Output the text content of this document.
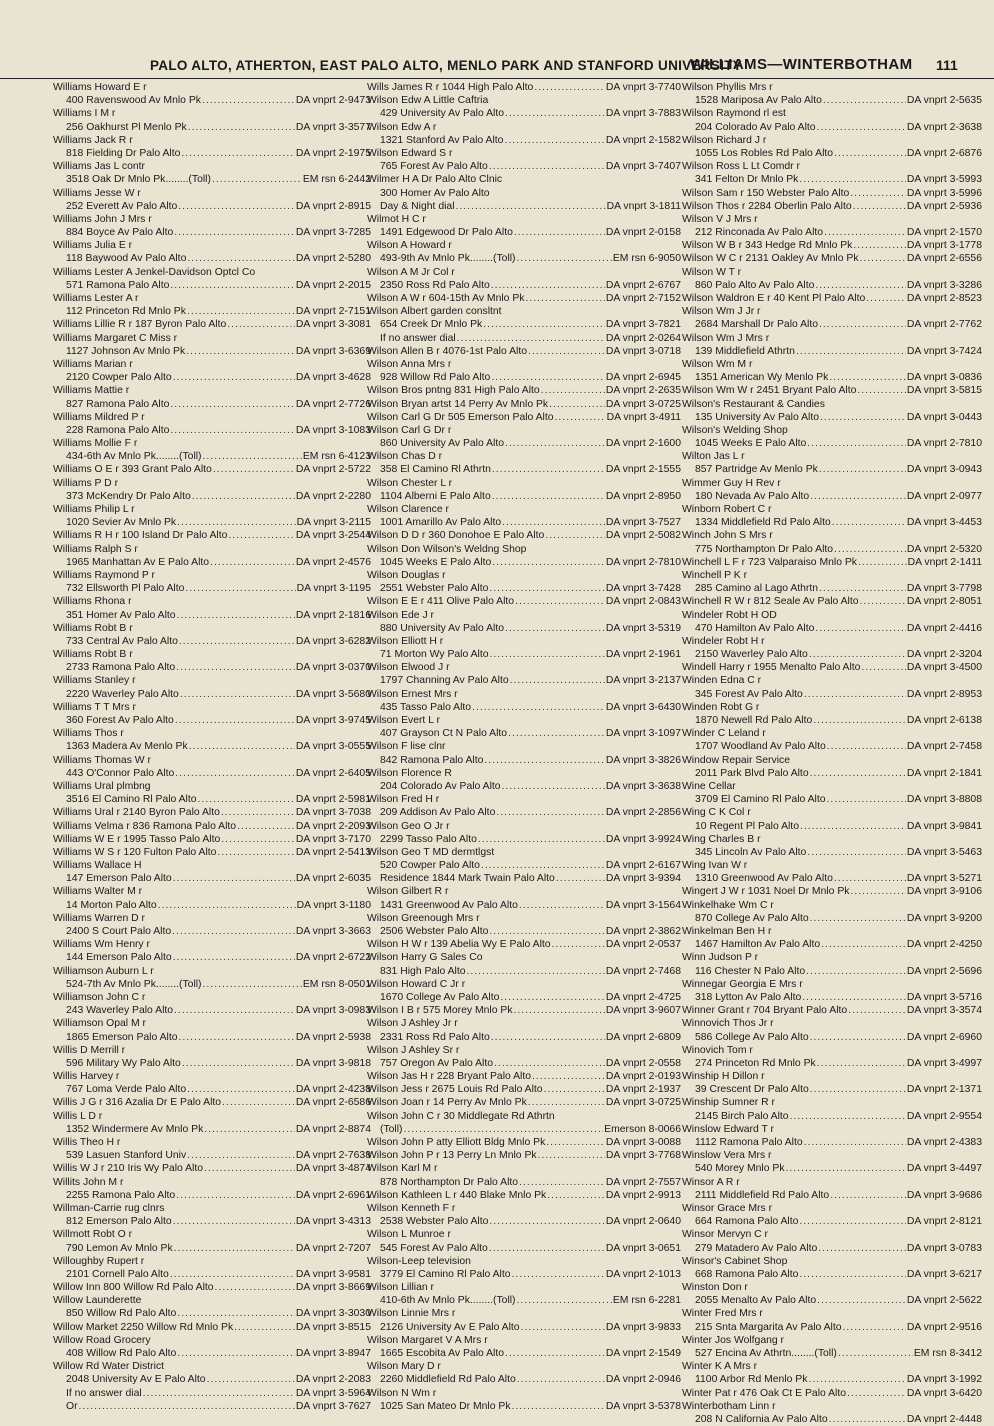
PALO ALTO, ATHERTON, EAST PALO ALTO, MENLO PARK AND STANFORD UNIVERSITY
WILLIAMS—WINTERBOTHAM 111
Williams Howard E r
400 Ravenswood Av Mnlo Pk .....	DA vnprt 2-9473
Williams I M r
256 Oakhurst Pl Menlo Pk .....	DA vnprt 3-3577
Williams Jack R r
818 Fielding Dr Palo Alto .....	DA vnprt 2-1975
Williams Jas L contr
3518 Oak Dr Mnlo Pk........(Toll) .....	EM rsn 6-2442
Williams Jesse W r
252 Everett Av Palo Alto .....	DA vnprt 2-8915
Williams John J Mrs r
884 Boyce Av Palo Alto .....	DA vnprt 3-7285
Williams Julia E r
118 Baywood Av Palo Alto .....	DA vnprt 2-5280
Williams Lester A Jenkel-Davidson Optcl Co
571 Ramona Palo Alto .....	DA vnprt 2-2015
Williams Lester A r
112 Princeton Rd Mnlo Pk .....	DA vnprt 2-7151
Williams Lillie R r 187 Byron Palo Alto .....	DA vnprt 3-3081
Williams Margaret C Miss r
1127 Johnson Av Mnlo Pk .....	DA vnprt 3-6369
Williams Marian r
2120 Cowper Palo Alto .....	DA vnprt 3-4628
Williams Mattie r
827 Ramona Palo Alto .....	DA vnprt 2-7726
Williams Mildred P r
228 Ramona Palo Alto .....	DA vnprt 3-1083
Williams Mollie F r
434-6th Av Mnlo Pk........(Toll) .....	EM rsn 6-4123
Williams O E r 393 Grant Palo Alto .....	DA vnprt 2-5722
Williams P D r
373 McKendry Dr Palo Alto .....	DA vnprt 2-2280
Williams Philip L r
1020 Sevier Av Mnlo Pk .....	DA vnprt 3-2115
Williams R H r 100 Island Dr Palo Alto .....	DA vnprt 3-2544
Williams Ralph S r
1965 Manhattan Av E Palo Alto .....	DA vnprt 2-4576
Williams Raymond P r
732 Ellsworth Pl Palo Alto .....	DA vnprt 3-1195
Williams Rhona r
351 Homer Av Palo Alto .....	DA vnprt 2-1816
Williams Robt B r
733 Central Av Palo Alto .....	DA vnprt 3-6282
Williams Robt B r
2733 Ramona Palo Alto .....	DA vnprt 3-0370
Williams Stanley r
2220 Waverley Palo Alto .....	DA vnprt 3-5680
Williams T T Mrs r
360 Forest Av Palo Alto .....	DA vnprt 3-9745
Williams Thos r
1363 Madera Av Menlo Pk .....	DA vnprt 3-0555
Williams Thomas W r
443 O'Connor Palo Alto .....	DA vnprt 2-6405
Williams Ural plmbng
3516 El Camino Rl Palo Alto .....	DA vnprt 2-5981
Williams Ural r 2140 Byron Palo Alto .....	DA vnprt 3-7038
Williams Velma r 836 Ramona Palo Alto .....	DA vnprt 2-2093
Williams W E r 1995 Tasso Palo Alto .....	DA vnprt 3-7170
Williams W S r 120 Fulton Palo Alto .....	DA vnprt 2-5413
Williams Wallace H
147 Emerson Palo Alto .....	DA vnprt 2-6035
Williams Walter M r
14 Morton Palo Alto .....	DA vnprt 3-1180
Williams Warren D r
2400 S Court Palo Alto .....	DA vnprt 3-3663
Williams Wm Henry r
144 Emerson Palo Alto .....	DA vnprt 2-6722
Williamson Auburn L r
524-7th Av Mnlo Pk........(Toll) .....	EM rsn 8-0501
Williamson John C r
243 Waverley Palo Alto .....	DA vnprt 3-0983
Williamson Opal M r
1865 Emerson Palo Alto .....	DA vnprt 2-5938
Willis D Merrill r
596 Military Wy Palo Alto .....	DA vnprt 3-9818
Willis Harvey r
767 Loma Verde Palo Alto .....	DA vnprt 2-4238
Willis J G r 316 Azalia Dr E Palo Alto .....	DA vnprt 2-6586
Willis L D r
1352 Windermere Av Mnlo Pk .....	DA vnprt 2-8874
Willis Theo H r
539 Lasuen Stanford Univ .....	DA vnprt 2-7638
Willis W J r 210 Iris Wy Palo Alto .....	DA vnprt 3-4874
Willits John M r
2255 Ramona Palo Alto .....	DA vnprt 2-6961
Willman-Carrie rug clnrs
812 Emerson Palo Alto .....	DA vnprt 3-4313
Willmott Robt O r
790 Lemon Av Mnlo Pk .....	DA vnprt 2-7207
Willoughby Rupert r
2101 Cornell Palo Alto .....	DA vnprt 3-9581
Willow Inn 800 Willow Rd Palo Alto .....	DA vnprt 3-8669
Willow Launderette
850 Willow Rd Palo Alto .....	DA vnprt 3-3030
Willow Market 2250 Willow Rd Mnlo Pk .....	DA vnprt 3-8515
Willow Road Grocery
408 Willow Rd Palo Alto .....	DA vnprt 3-8947
Willow Rd Water District
2048 University Av E Palo Alto .....	DA vnprt 2-2083
If no answer dial .....	DA vnprt 3-5964
Or .....	DA vnprt 3-7627
Wills James R r 1044 High Palo Alto .....	DA vnprt 3-7740
Wilson Edw A Little Caftria
429 University Av Palo Alto .....	DA vnprt 3-7883
Wilson Edw A r
1321 Stanford Av Palo Alto .....	DA vnprt 2-1582
Wilson Edward S r
765 Forest Av Palo Alto .....	DA vnprt 3-7407
Wilmer H A Dr Palo Alto Clnic
300 Homer Av Palo Alto
Day & Night dial .....	DA vnprt 3-1811
Wilmot H C r
1491 Edgewood Dr Palo Alto .....	DA vnprt 2-0158
Wilson A Howard r
493-9th Av Mnlo Pk........(Toll) .....	EM rsn 6-9050
Wilson A M Jr Col r
2350 Ross Rd Palo Alto .....	DA vnprt 2-6767
Wilson A W r 604-15th Av Mnlo Pk .....	DA vnprt 2-7152
Wilson Albert garden consltnt
654 Creek Dr Mnlo Pk .....	DA vnprt 3-7821
If no answer dial .....	DA vnprt 2-0264
Wilson Allen B r 4076-1st Palo Alto .....	DA vnprt 3-0718
Wilson Anna Mrs r
928 Willow Rd Palo Alto .....	DA vnprt 2-6945
Wilson Bros pntng 831 High Palo Alto .....	DA vnprt 2-2635
Wilson Bryan artst 14 Perry Av Mnlo Pk .....	DA vnprt 3-0725
Wilson Carl G Dr 505 Emerson Palo Alto .....	DA vnprt 3-4911
Wilson Carl G Dr r
860 University Av Palo Alto .....	DA vnprt 2-1600
Wilson Chas D r
358 El Camino Rl Athrtn .....	DA vnprt 2-1555
Wilson Chester L r
1104 Alberni E Palo Alto .....	DA vnprt 2-8950
Wilson Clarence r
1001 Amarillo Av Palo Alto .....	DA vnprt 3-7527
Wilson D D r 360 Donohoe E Palo Alto .....	DA vnprt 2-5082
Wilson Don Wilson's Weldng Shop
1045 Weeks E Palo Alto .....	DA vnprt 2-7810
Wilson Douglas r
2551 Webster Palo Alto .....	DA vnprt 3-7428
Wilson E E r 411 Olive Palo Alto .....	DA vnprt 2-0843
Wilson Ede J r
880 University Av Palo Alto .....	DA vnprt 3-5319
Wilson Elliott H r
71 Morton Wy Palo Alto .....	DA vnprt 2-1961
Wilson Elwood J r
1797 Channing Av Palo Alto .....	DA vnprt 3-2137
Wilson Ernest Mrs r
435 Tasso Palo Alto .....	DA vnprt 3-6430
Wilson Evert L r
407 Grayson Ct N Palo Alto .....	DA vnprt 3-1097
Wilson F lise clnr
842 Ramona Palo Alto .....	DA vnprt 3-3826
Wilson Florence R
204 Colorado Av Palo Alto .....	DA vnprt 3-3638
Wilson Fred H r
209 Addison Av Palo Alto .....	DA vnprt 2-2856
Wilson Geo O Jr r
2299 Tasso Palo Alto .....	DA vnprt 3-9924
Wilson Geo T MD dermtlgst
520 Cowper Palo Alto .....	DA vnprt 2-6167
Residence 1844 Mark Twain Palo Alto .....	DA vnprt 3-9394
Wilson Gilbert R r
1431 Greenwood Av Palo Alto .....	DA vnprt 3-1564
Wilson Greenough Mrs r
2506 Webster Palo Alto .....	DA vnprt 2-3862
Wilson H W r 139 Abelia Wy E Palo Alto .....	DA vnprt 2-0537
Wilson Harry G Sales Co
831 High Palo Alto .....	DA vnprt 2-7468
Wilson Howard C Jr r
1670 College Av Palo Alto .....	DA vnprt 2-4725
Wilson I B r 575 Morey Mnlo Pk .....	DA vnprt 3-9607
Wilson J Ashley Jr r
2331 Ross Rd Palo Alto .....	DA vnprt 2-6809
Wilson J Ashley Sr r
757 Oregon Av Palo Alto .....	DA vnprt 2-0558
Wilson Jas H r 228 Bryant Palo Alto .....	DA vnprt 2-0193
Wilson Jess r 2675 Louis Rd Palo Alto .....	DA vnprt 2-1937
Wilson Joan r 14 Perry Av Mnlo Pk .....	DA vnprt 3-0725
Wilson John C r 30 Middlegate Rd Athrtn
(Toll) .....	Emerson 8-0066
Wilson John P atty Elliott Bldg Mnlo Pk .....	DA vnprt 3-0088
Wilson John P r 13 Perry Ln Mnlo Pk .....	DA vnprt 3-7768
Wilson Karl M r
878 Northampton Dr Palo Alto .....	DA vnprt 2-7557
Wilson Kathleen L r 440 Blake Mnlo Pk .....	DA vnprt 2-9913
Wilson Kenneth F r
2538 Webster Palo Alto .....	DA vnprt 2-0640
Wilson L Munroe r
545 Forest Av Palo Alto .....	DA vnprt 3-0651
Wilson-Leep television
3779 El Camino Rl Palo Alto .....	DA vnprt 2-1013
Wilson Lillian r
410-6th Av Mnlo Pk........(Toll) .....	EM rsn 6-2281
Wilson Linnie Mrs r
2126 University Av E Palo Alto .....	DA vnprt 3-9833
Wilson Margaret V A Mrs r
1665 Escobita Av Palo Alto .....	DA vnprt 2-1549
Wilson Mary D r
2260 Middlefield Rd Palo Alto .....	DA vnprt 2-0946
Wilson N Wm r
1025 San Mateo Dr Mnlo Pk .....	DA vnprt 3-5378
Wilson Phyllis Mrs r
1528 Mariposa Av Palo Alto .....	DA vnprt 2-5635
Wilson Raymond rl est
204 Colorado Av Palo Alto .....	DA vnprt 2-3638
Wilson Richard J r
1055 Los Robles Rd Palo Alto .....	DA vnprt 2-6876
Wilson Ross L Lt Comdr r
341 Felton Dr Mnlo Pk .....	DA vnprt 3-5993
Wilson Sam r 150 Webster Palo Alto .....	DA vnprt 3-5996
Wilson Thos r 2284 Oberlin Palo Alto .....	DA vnprt 2-5936
Wilson V J Mrs r
212 Rinconada Av Palo Alto .....	DA vnprt 2-1570
Wilson W B r 343 Hedge Rd Mnlo Pk .....	DA vnprt 3-1778
Wilson W C r 2131 Oakley Av Mnlo Pk .....	DA vnprt 2-6556
Wilson W T r
860 Palo Alto Av Palo Alto .....	DA vnprt 3-3286
Wilson Waldron E r 40 Kent Pl Palo Alto .....	DA vnprt 2-8523
Wilson Wm J Jr r
2684 Marshall Dr Palo Alto .....	DA vnprt 2-7762
Wilson Wm J Mrs r
139 Middlefield Athrtn .....	DA vnprt 3-7424
Wilson Wm M r
1351 American Wy Menlo Pk .....	DA vnprt 3-0836
Wilson Wm W r 2451 Bryant Palo Alto .....	DA vnprt 3-5815
Wilson's Restaurant & Candies
135 University Av Palo Alto .....	DA vnprt 3-0443
Wilson's Welding Shop
1045 Weeks E Palo Alto .....	DA vnprt 2-7810
Wilton Jas L r
857 Partridge Av Menlo Pk .....	DA vnprt 3-0943
Wimmer Guy H Rev r
180 Nevada Av Palo Alto .....	DA vnprt 2-0977
Winborn Robert C r
1334 Middlefield Rd Palo Alto .....	DA vnprt 3-4453
Winch John S Mrs r
775 Northampton Dr Palo Alto .....	DA vnprt 2-5320
Winchell L F r 723 Valparaiso Mnlo Pk .....	DA vnprt 2-1411
Winchell P K r
285 Camino al Lago Athrtn .....	DA vnprt 3-7798
Winchell R W r 812 Seale Av Palo Alto .....	DA vnprt 2-8051
Windeler Robt H OD
470 Hamilton Av Palo Alto .....	DA vnprt 2-4416
Windeler Robt H r
2150 Waverley Palo Alto .....	DA vnprt 2-3204
Windell Harry r 1955 Menalto Palo Alto .....	DA vnprt 3-4500
Winden Edna C r
345 Forest Av Palo Alto .....	DA vnprt 2-8953
Winden Robt G r
1870 Newell Rd Palo Alto .....	DA vnprt 2-6138
Winder C Leland r
1707 Woodland Av Palo Alto .....	DA vnprt 2-7458
Window Repair Service
2011 Park Blvd Palo Alto .....	DA vnprt 2-1841
Wine Cellar
3709 El Camino Rl Palo Alto .....	DA vnprt 3-8808
Wing C K Col r
10 Regent Pl Palo Alto .....	DA vnprt 3-9841
Wing Charles B r
345 Lincoln Av Palo Alto .....	DA vnprt 3-5463
Wing Ivan W r
1310 Greenwood Av Palo Alto .....	DA vnprt 3-5271
Wingert J W r 1031 Noel Dr Mnlo Pk .....	DA vnprt 3-9106
Winkelhake Wm C r
870 College Av Palo Alto .....	DA vnprt 3-9200
Winkelman Ben H r
1467 Hamilton Av Palo Alto .....	DA vnprt 2-4250
Winn Judson P r
116 Chester N Palo Alto .....	DA vnprt 2-5696
Winnegar Georgia E Mrs r
318 Lytton Av Palo Alto .....	DA vnprt 3-5716
Winner Grant r 704 Bryant Palo Alto .....	DA vnprt 3-3574
Winnovich Thos Jr r
586 College Av Palo Alto .....	DA vnprt 2-6960
Winovich Tom r
274 Princeton Rd Mnlo Pk .....	DA vnprt 3-4997
Winship H Dillon r
39 Crescent Dr Palo Alto .....	DA vnprt 2-1371
Winship Sumner R r
2145 Birch Palo Alto .....	DA vnprt 2-9554
Winslow Edward T r
1112 Ramona Palo Alto .....	DA vnprt 2-4383
Winslow Vera Mrs r
540 Morey Mnlo Pk .....	DA vnprt 3-4497
Winsor A R r
2111 Middlefield Rd Palo Alto .....	DA vnprt 3-9686
Winsor Grace Mrs r
664 Ramona Palo Alto .....	DA vnprt 2-8121
Winsor Mervyn C r
279 Matadero Av Palo Alto .....	DA vnprt 3-0783
Winsor's Cabinet Shop
668 Ramona Palo Alto .....	DA vnprt 3-6217
Winston Don r
2055 Menalto Av Palo Alto .....	DA vnprt 2-5622
Winter Fred Mrs r
215 Snta Margarita Av Palo Alto .....	DA vnprt 2-9516
Winter Jos Wolfgang r
527 Encina Av Athrtn........(Toll) .....	EM rsn 8-3412
Winter K A Mrs r
1100 Arbor Rd Menlo Pk .....	DA vnprt 3-1992
Winter Pat r 476 Oak Ct E Palo Alto .....	DA vnprt 3-6420
Winterbotham Linn r
208 N California Av Palo Alto .....	DA vnprt 2-4448
